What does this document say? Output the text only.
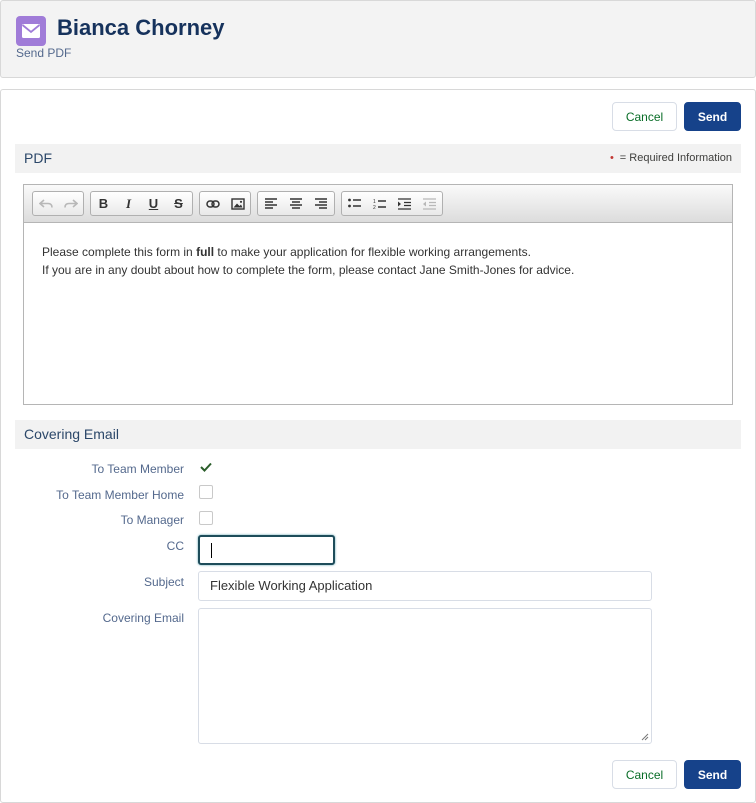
Bianca Chorney
Send PDF
Cancel	Send
PDF	• = Required Information
B	I	U	S	1
2
Please complete this form in full to make your application for flexible working arrangements.
If you are in any doubt about how to complete the form, please contact Jane Smith-Jones for advice.
Covering Email
To Team Member
To Team Member Home
To Manager
CC
Subject Flexible Working Application
Covering Email
Cancel	Send
